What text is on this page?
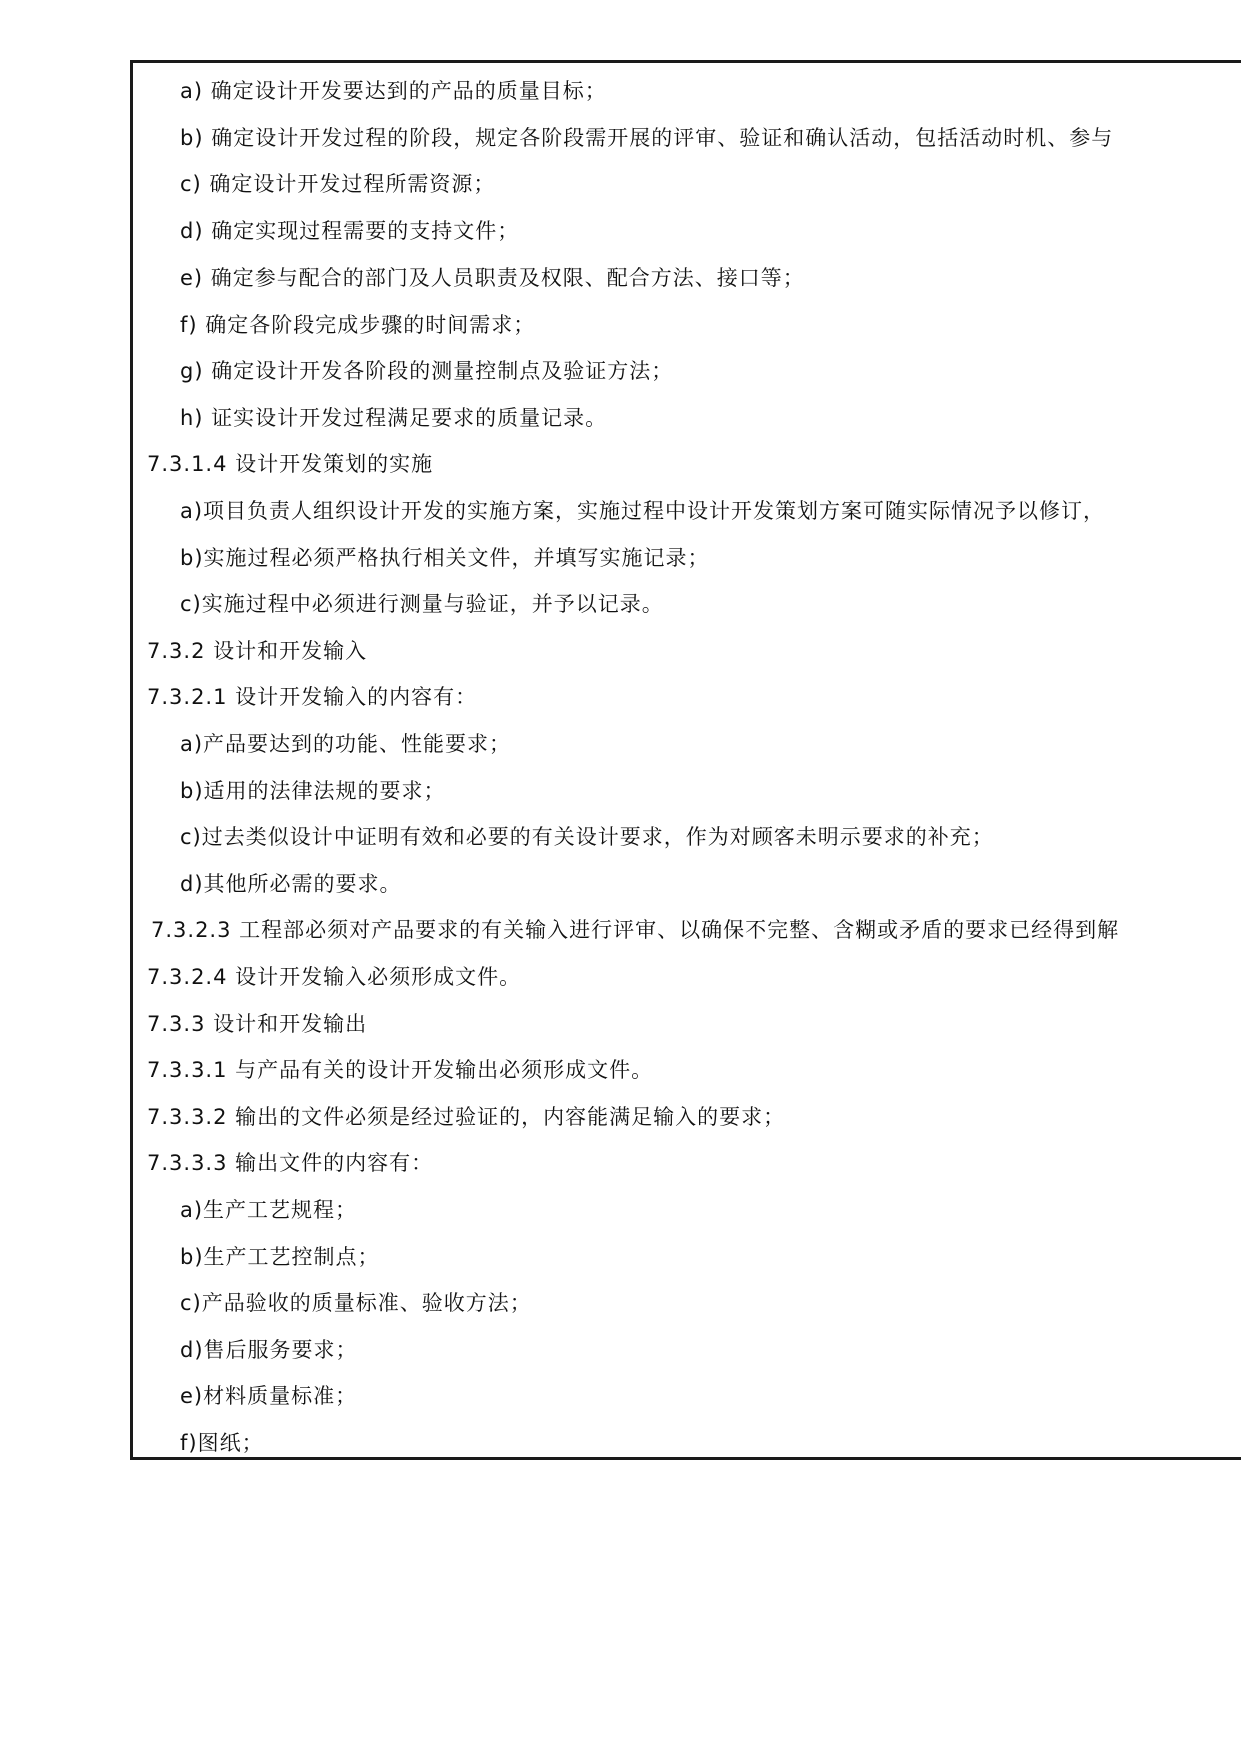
a) 确定设计开发要达到的产品的质量目标；
b) 确定设计开发过程的阶段，规定各阶段需开展的评审、验证和确认活动，包括活动时机、参与
c) 确定设计开发过程所需资源；
d) 确定实现过程需要的支持文件；
e) 确定参与配合的部门及人员职责及权限、配合方法、接口等；
f) 确定各阶段完成步骤的时间需求；
g) 确定设计开发各阶段的测量控制点及验证方法；
h) 证实设计开发过程满足要求的质量记录。
7.3.1.4 设计开发策划的实施
a)项目负责人组织设计开发的实施方案，实施过程中设计开发策划方案可随实际情况予以修订，
b)实施过程必须严格执行相关文件，并填写实施记录；
c)实施过程中必须进行测量与验证，并予以记录。
7.3.2 设计和开发输入
7.3.2.1 设计开发输入的内容有：
a)产品要达到的功能、性能要求；
b)适用的法律法规的要求；
c)过去类似设计中证明有效和必要的有关设计要求，作为对顾客未明示要求的补充；
d)其他所必需的要求。
7.3.2.3 工程部必须对产品要求的有关输入进行评审、以确保不完整、含糊或矛盾的要求已经得到解
7.3.2.4 设计开发输入必须形成文件。
7.3.3 设计和开发输出
7.3.3.1 与产品有关的设计开发输出必须形成文件。
7.3.3.2 输出的文件必须是经过验证的，内容能满足输入的要求；
7.3.3.3 输出文件的内容有：
a)生产工艺规程；
b)生产工艺控制点；
c)产品验收的质量标准、验收方法；
d)售后服务要求；
e)材料质量标准；
f)图纸；
